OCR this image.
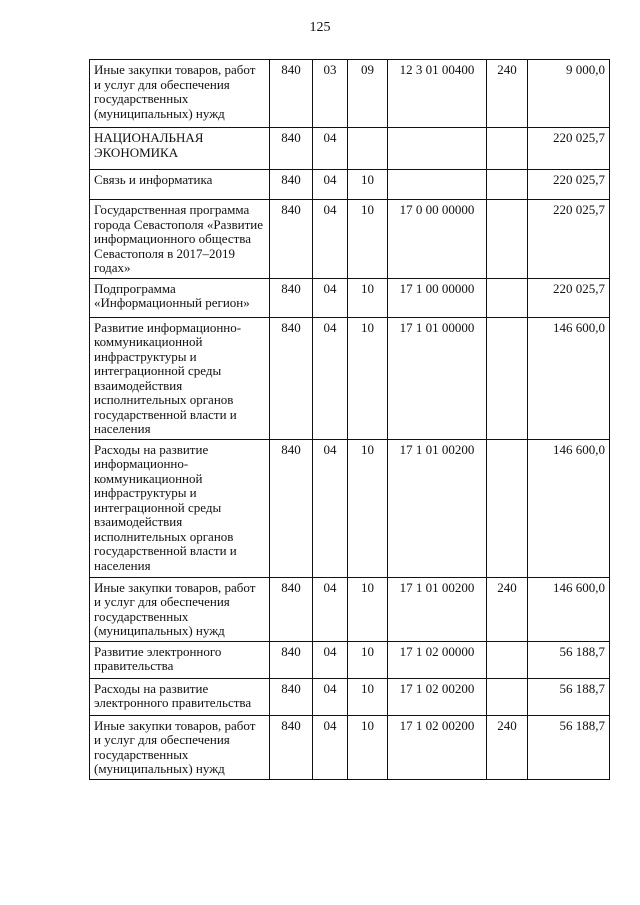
125
Иные закупки товаров, работ и услуг для обеспечения государственных (муниципальных) нужд	840	03	09	12 3 01 00400	240	9 000,0
НАЦИОНАЛЬНАЯ ЭКОНОМИКА	840	04				220 025,7
Связь и информатика	840	04	10			220 025,7
Государственная программа города Севастополя «Развитие информационного общества Севастополя в 2017–2019 годах»	840	04	10	17 0 00 00000		220 025,7
Подпрограмма «Информационный регион»	840	04	10	17 1 00 00000		220 025,7
Развитие информационно-коммуникационной инфраструктуры и интеграционной среды взаимодействия исполнительных органов государственной власти и населения	840	04	10	17 1 01 00000		146 600,0
Расходы на развитие информационно-коммуникационной инфраструктуры и интеграционной среды взаимодействия исполнительных органов государственной власти и населения	840	04	10	17 1 01 00200		146 600,0
Иные закупки товаров, работ и услуг для обеспечения государственных (муниципальных) нужд	840	04	10	17 1 01 00200	240	146 600,0
Развитие электронного правительства	840	04	10	17 1 02 00000		56 188,7
Расходы на развитие электронного правительства	840	04	10	17 1 02 00200		56 188,7
Иные закупки товаров, работ и услуг для обеспечения государственных (муниципальных) нужд	840	04	10	17 1 02 00200	240	56 188,7
